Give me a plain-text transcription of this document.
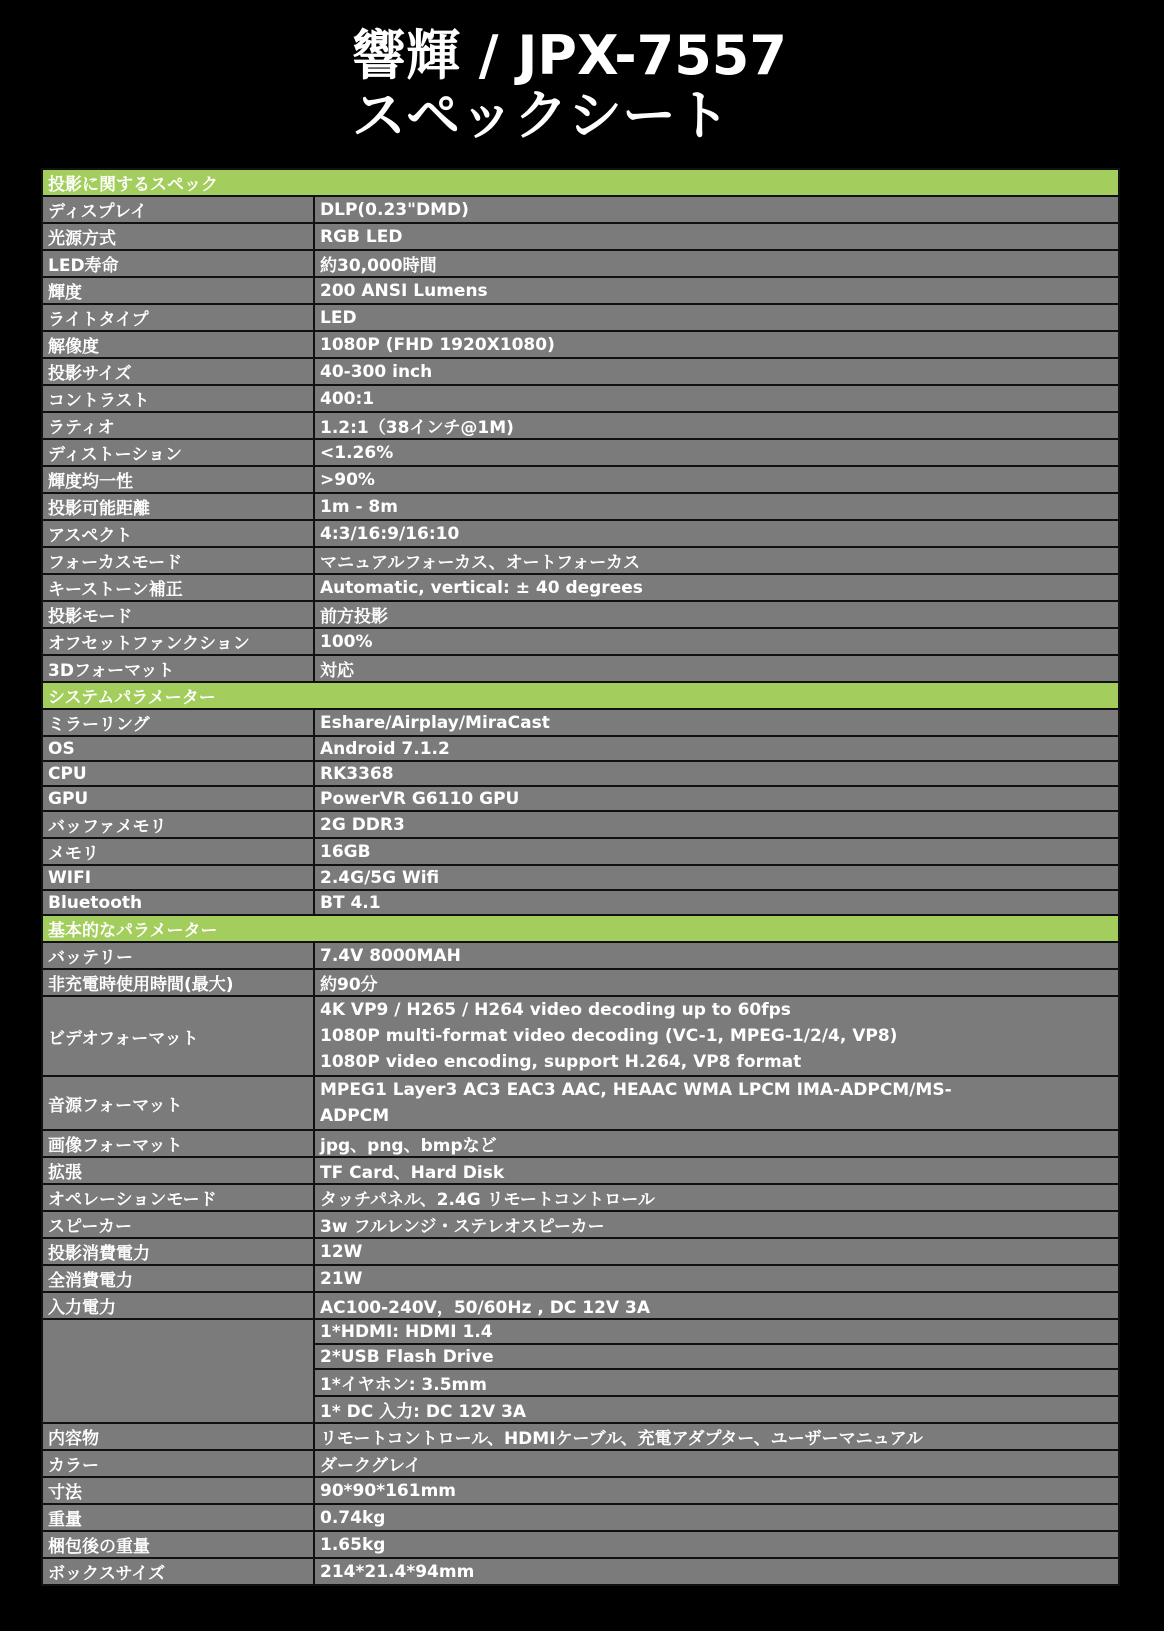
響輝 / JPX-7557
スペックシート
投影に関するスペック	
ディスプレイ	DLP(0.23"DMD)
光源方式	RGB LED
LED寿命	約30,000時間
輝度	200 ANSI Lumens
ライトタイプ	LED
解像度	1080P (FHD 1920X1080)
投影サイズ	40-300 inch
コントラスト	400:1
ラティオ	1.2:1（38インチ@1M)
ディストーション	<1.26%
輝度均一性	>90%
投影可能距離	1m - 8m
アスペクト	4:3/16:9/16:10
フォーカスモード	マニュアルフォーカス、オートフォーカス
キーストーン補正	Automatic, vertical: ± 40 degrees
投影モード	前方投影
オフセットファンクション	100%
3Dフォーマット	対応
システムパラメーター	
ミラーリング	Eshare/Airplay/MiraCast
OS	Android 7.1.2
CPU	RK3368
GPU	PowerVR G6110 GPU
バッファメモリ	2G DDR3
メモリ	16GB
WIFI	2.4G/5G Wifi
Bluetooth	BT 4.1
基本的なパラメーター	
バッテリー	7.4V 8000MAH
非充電時使用時間(最大)	約90分
ビデオフォーマット	4K VP9 / H265 / H264 video decoding up to 60fps
1080P multi-format video decoding (VC-1, MPEG-1/2/4, VP8)
1080P video encoding, support H.264, VP8 format

音源フォーマット	MPEG1 Layer3 AC3 EAC3 AAC, HEAAC WMA LPCM IMA-ADPCM/MS-
ADPCM

画像フォーマット	jpg、png、bmpなど
拡張	TF Card、Hard Disk
オペレーションモード	タッチパネル、2.4G リモートコントロール
スピーカー	3w フルレンジ・ステレオスピーカー
投影消費電力	12W
全消費電力	21W
入力電力	AC100-240V，50/60Hz , DC 12V 3A
	1*HDMI: HDMI 1.4
	2*USB Flash Drive
	1*イヤホン: 3.5mm
	1* DC 入力: DC 12V 3A
内容物	リモートコントロール、HDMIケーブル、充電アダプター、ユーザーマニュアル
カラー	ダークグレイ
寸法	90*90*161mm
重量	0.74kg
梱包後の重量	1.65kg
ボックスサイズ	214*21.4*94mm
